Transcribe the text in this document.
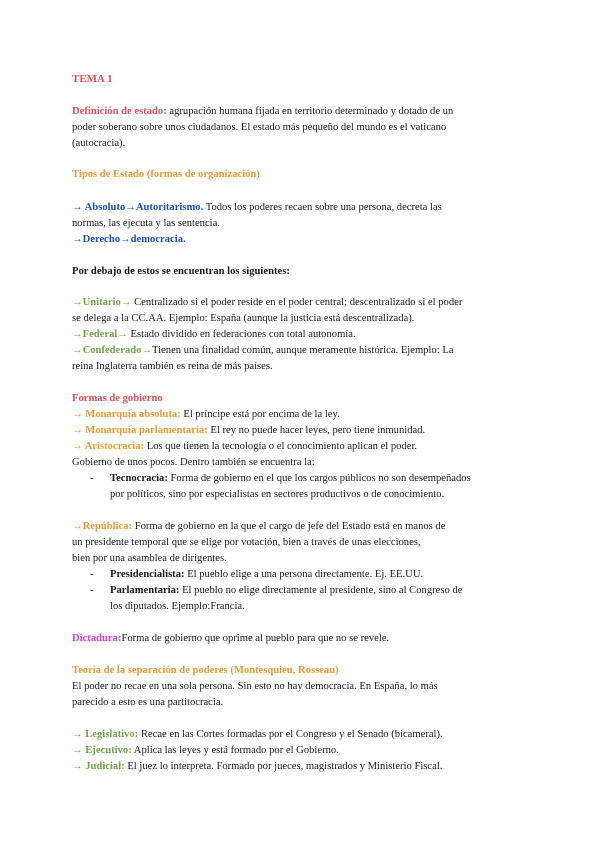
TEMA 1

Definición de estado: agrupación humana fijada en territorio determinado y dotado de un

poder soberano sobre unos ciudadanos. El estado más pequeño del mundo es el vaticano

(autocracia).

Tipos de Estado (formas de organización)

→ Absoluto→Autoritarismo. Todos los poderes recaen sobre una persona, decreta las

normas, las ejecuta y las sentencia.

→Derecho→democracia.

Por debajo de estos se encuentran los siguientes:

→Unitario→ Centralizado si el poder reside en el poder central; descentralizado si el poder

se delega a la CC.AA. Ejemplo: España (aunque la justicia está descentralizada).

→Federal→ Estado dividido en federaciones con total autonomía.

→Confederado→Tienen una finalidad común, aunque meramente histórica. Ejemplo: La

reina Inglaterra también es reina de más países.

Formas de gobierno

→ Monarquía absoluta: El príncipe está por encima de la ley.

→ Monarquía parlamentaria: El rey no puede hacer leyes, pero tiene inmunidad.

→ Aristocracia: Los que tienen la tecnología o el conocimiento aplican el poder.

Gobierno de unos pocos. Dentro también se encuentra la:

- Tecnocracia: Forma de gobierno en el que los cargos públicos no son desempeñados

por políticos, sino por especialistas en sectores productivos o de conocimiento.

→República: Forma de gobierno en la que el cargo de jefe del Estado está en manos de

un presidente temporal que se elige por votación, bien a través de unas elecciones,

bien por una asamblea de dirigentes.

- Presidencialista: El pueblo elige a una persona directamente. Ej. EE.UU.

- Parlamentaria: El pueblo no elige directamente al presidente, sino al Congreso de

los diputados. Ejemplo:Francia.

Dictadura:Forma de gobierno que oprime al pueblo para que no se revele.

Teoría de la separación de poderes (Montesquieu, Rosseau)

El poder no recae en una sola persona. Sin esto no hay democracia. En España, lo más

parecido a esto es una partitocracia.

→ Legislativo: Recae en las Cortes formadas por el Congreso y el Senado (bicameral).

→ Ejecutivo: Aplica las leyes y está formado por el Gobierno.

→ Judicial: El juez lo interpreta. Formado por jueces, magistrados y Ministerio Fiscal.
